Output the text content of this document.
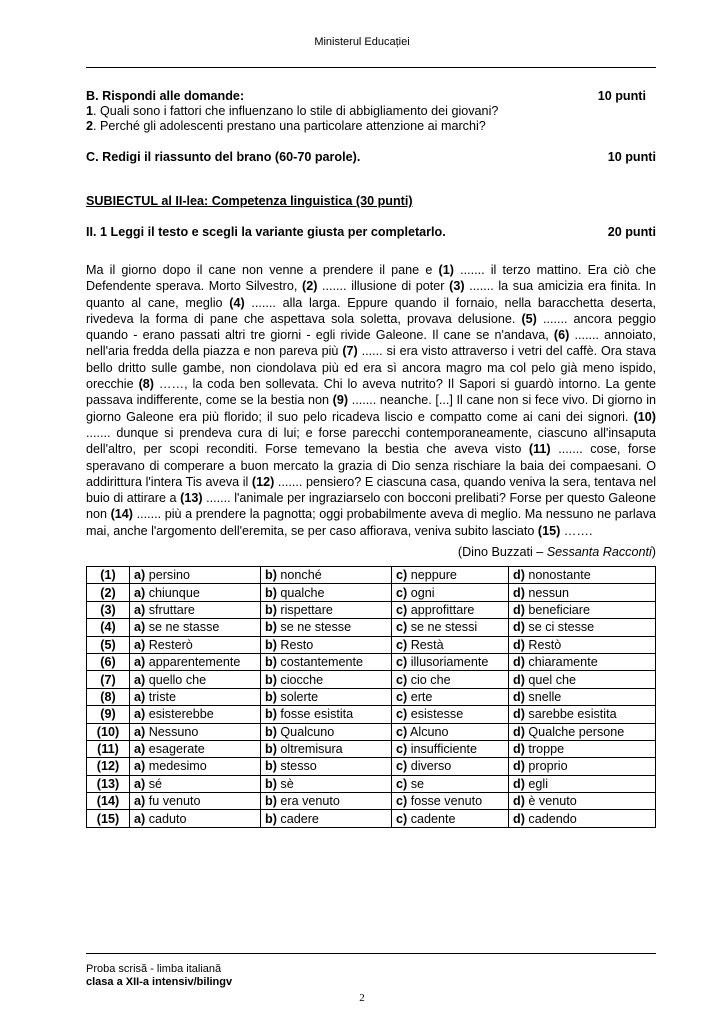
Ministerul Educației
B. Rispondi alle domande:	10 punti
1. Quali sono i fattori che influenzano lo stile di abbigliamento dei giovani?
2. Perché gli adolescenti prestano una particolare attenzione ai marchi?
C. Redigi il riassunto del brano (60-70 parole).	10 punti
SUBIECTUL al II-lea: Competenza linguistica (30 punti)
II. 1 Leggi il testo e scegli la variante giusta per completarlo.	20 punti
Ma il giorno dopo il cane non venne a prendere il pane e (1) ....... il terzo mattino. Era ciò che Defendente sperava. Morto Silvestro, (2) ....... illusione di poter (3) ....... la sua amicizia era finita. In quanto al cane, meglio (4) ....... alla larga. Eppure quando il fornaio, nella baracchetta deserta, rivedeva la forma di pane che aspettava sola soletta, provava delusione. (5) ....... ancora peggio quando - erano passati altri tre giorni - egli rivide Galeone. Il cane se n'andava, (6) ....... annoiato, nell'aria fredda della piazza e non pareva più (7) ...... si era visto attraverso i vetri del caffè. Ora stava bello dritto sulle gambe, non ciondolava più ed era sì ancora magro ma col pelo già meno ispido, orecchie (8) ……, la coda ben sollevata. Chi lo aveva nutrito? Il Sapori si guardò intorno. La gente passava indifferente, come se la bestia non (9) ....... neanche. [...] Il cane non si fece vivo. Di giorno in giorno Galeone era più florido; il suo pelo ricadeva liscio e compatto come ai cani dei signori. (10) ....... dunque si prendeva cura di lui; e forse parecchi contemporaneamente, ciascuno all'insaputa dell'altro, per scopi reconditi. Forse temevano la bestia che aveva visto (11) ....... cose, forse speravano di comperare a buon mercato la grazia di Dio senza rischiare la baia dei compaesani. O addirittura l'intera Tis aveva il (12) ....... pensiero? E ciascuna casa, quando veniva la sera, tentava nel buio di attirare a (13) ....... l'animale per ingraziarselo con bocconi prelibati? Forse per questo Galeone non (14) ....... più a prendere la pagnotta; oggi probabilmente aveva di meglio. Ma nessuno ne parlava mai, anche l'argomento dell'eremita, se per caso affiorava, veniva subito lasciato (15) …….
(Dino Buzzati – Sessanta Racconti)
(1)	a) persino	b) nonché	c) neppure	d) nonostante
(2)	a) chiunque	b) qualche	c) ogni	d) nessun
(3)	a) sfruttare	b) rispettare	c) approfittare	d) beneficiare
(4)	a) se ne stasse	b) se ne stesse	c) se ne stessi	d) se ci stesse
(5)	a) Resterò	b) Resto	c) Restà	d) Restò
(6)	a) apparentemente	b) costantemente	c) illusoriamente	d) chiaramente
(7)	a) quello che	b) ciocche	c) cio che	d) quel che
(8)	a) triste	b) solerte	c) erte	d) snelle
(9)	a) esisterebbe	b) fosse esistita	c) esistesse	d) sarebbe esistita
(10)	a) Nessuno	b) Qualcuno	c) Alcuno	d) Qualche persone
(11)	a) esagerate	b) oltremisura	c) insufficiente	d) troppe
(12)	a) medesimo	b) stesso	c) diverso	d) proprio
(13)	a) sé	b) sè	c) se	d) egli
(14)	a) fu venuto	b) era venuto	c) fosse venuto	d) è venuto
(15)	a) caduto	b) cadere	c) cadente	d) cadendo
Proba scrisă - limba italiană
clasa a XII-a intensiv/bilingv
2
